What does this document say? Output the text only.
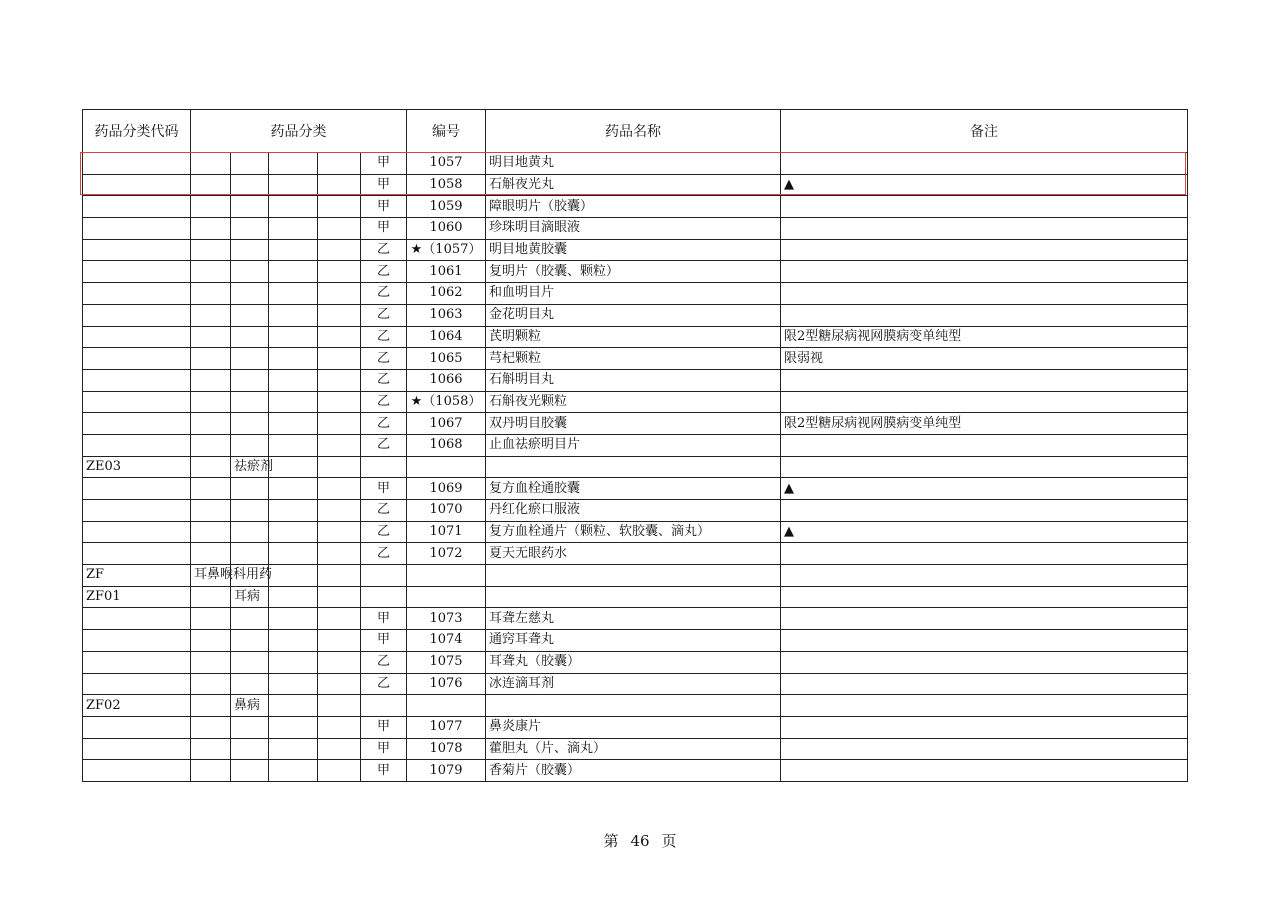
药品分类代码	药品分类					编号	药品名称	备注
					甲	1057	明目地黄丸	
					甲	1058	石斛夜光丸	▲
					甲	1059	障眼明片（胶囊）	
					甲	1060	珍珠明目滴眼液	
					乙	★（1057）	明目地黄胶囊	
					乙	1061	复明片（胶囊、颗粒）	
					乙	1062	和血明目片	
					乙	1063	金花明目丸	
					乙	1064	芪明颗粒	限2型糖尿病视网膜病变单纯型
					乙	1065	芎杞颗粒	限弱视
					乙	1066	石斛明目丸	
					乙	★（1058）	石斛夜光颗粒	
					乙	1067	双丹明目胶囊	限2型糖尿病视网膜病变单纯型
					乙	1068	止血祛瘀明目片	
ZE03		祛瘀剂						
					甲	1069	复方血栓通胶囊	▲
					乙	1070	丹红化瘀口服液	
					乙	1071	复方血栓通片（颗粒、软胶囊、滴丸）	▲
					乙	1072	夏天无眼药水	
ZF	耳鼻喉科用药							
ZF01		耳病						
					甲	1073	耳聋左慈丸	
					甲	1074	通窍耳聋丸	
					乙	1075	耳聋丸（胶囊）	
					乙	1076	冰连滴耳剂	
ZF02		鼻病						
					甲	1077	鼻炎康片	
					甲	1078	藿胆丸（片、滴丸）	
					甲	1079	香菊片（胶囊）	
第 46 页
